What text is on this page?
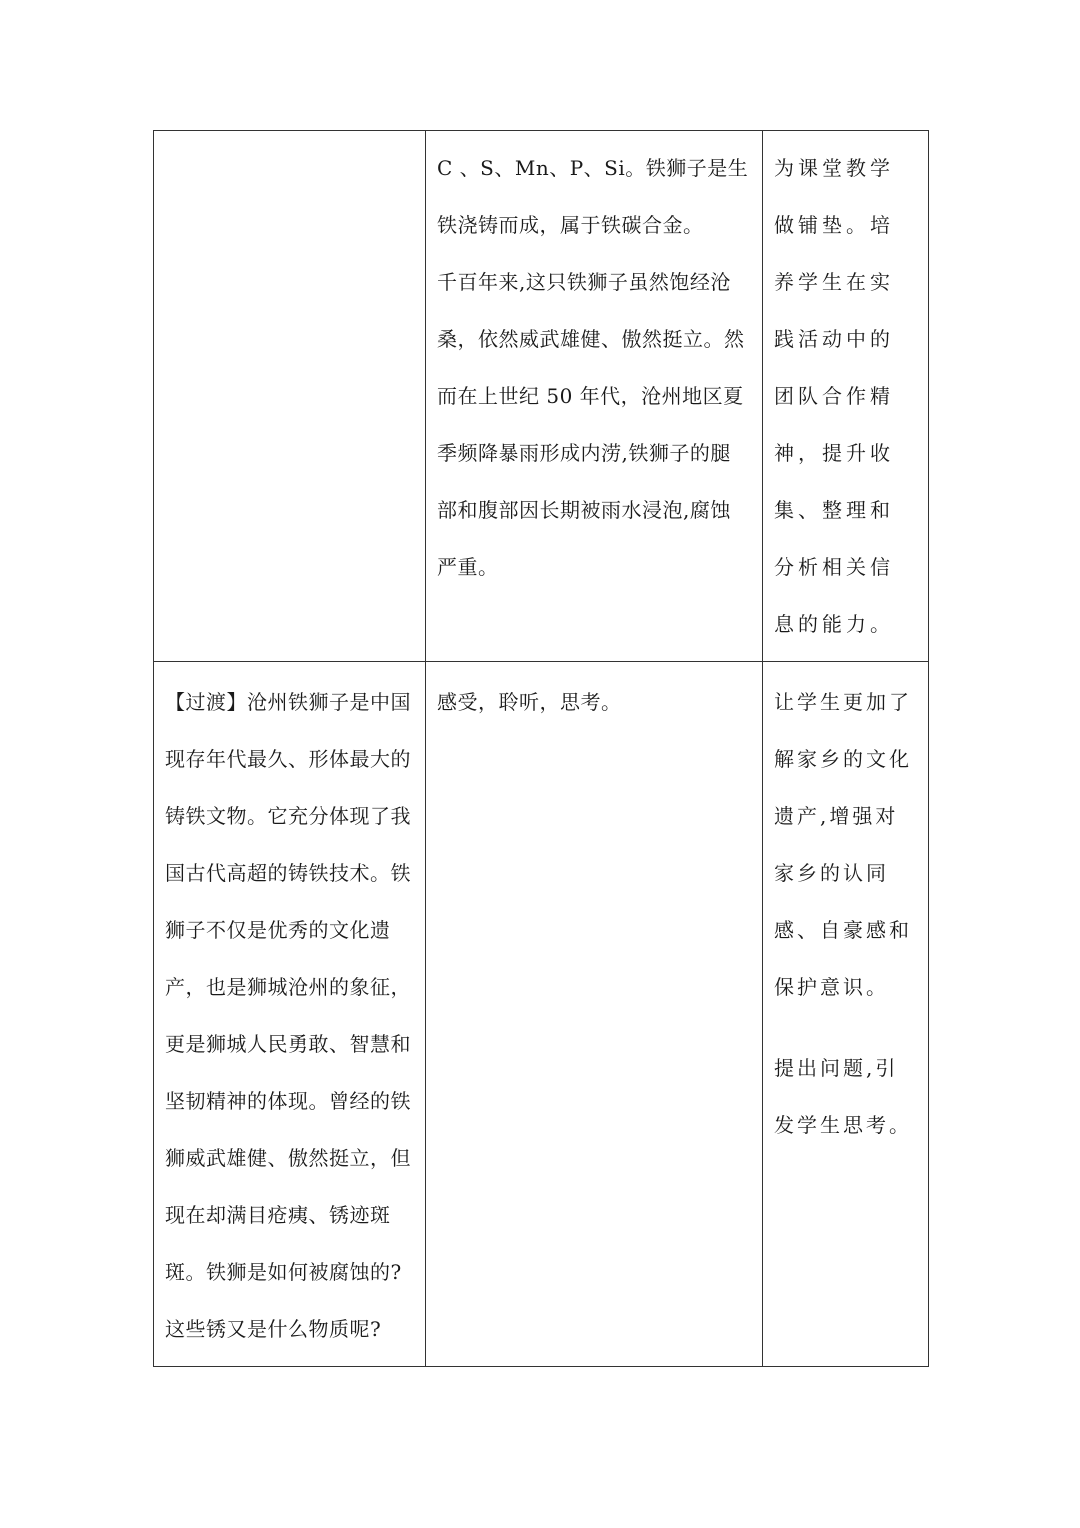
	C 、S、Mn、P、Si。铁狮子是生铁浇铸而成，属于铁碳合金。

千百年来,这只铁狮子虽然饱经沧桑，依然威武雄健、傲然挺立。然而在上世纪 50 年代，沧州地区夏季频降暴雨形成内涝,铁狮子的腿部和腹部因长期被雨水浸泡,腐蚀严重。	为课堂教学做铺垫。培养学生在实践活动中的团队合作精神，提升收集、整理和分析相关信息的能力。

【过渡】沧州铁狮子是中国现存年代最久、形体最大的铸铁文物。它充分体现了我国古代高超的铸铁技术。铁狮子不仅是优秀的文化遗产，也是狮城沧州的象征，更是狮城人民勇敢、智慧和坚韧精神的体现。曾经的铁狮威武雄健、傲然挺立，但现在却满目疮痍、锈迹斑斑。铁狮是如何被腐蚀的?这些锈又是什么物质呢?	感受，聆听，思考。	让学生更加了解家乡的文化遗产,增强对家乡的认同感、自豪感和保护意识。

提出问题,引发学生思考。
